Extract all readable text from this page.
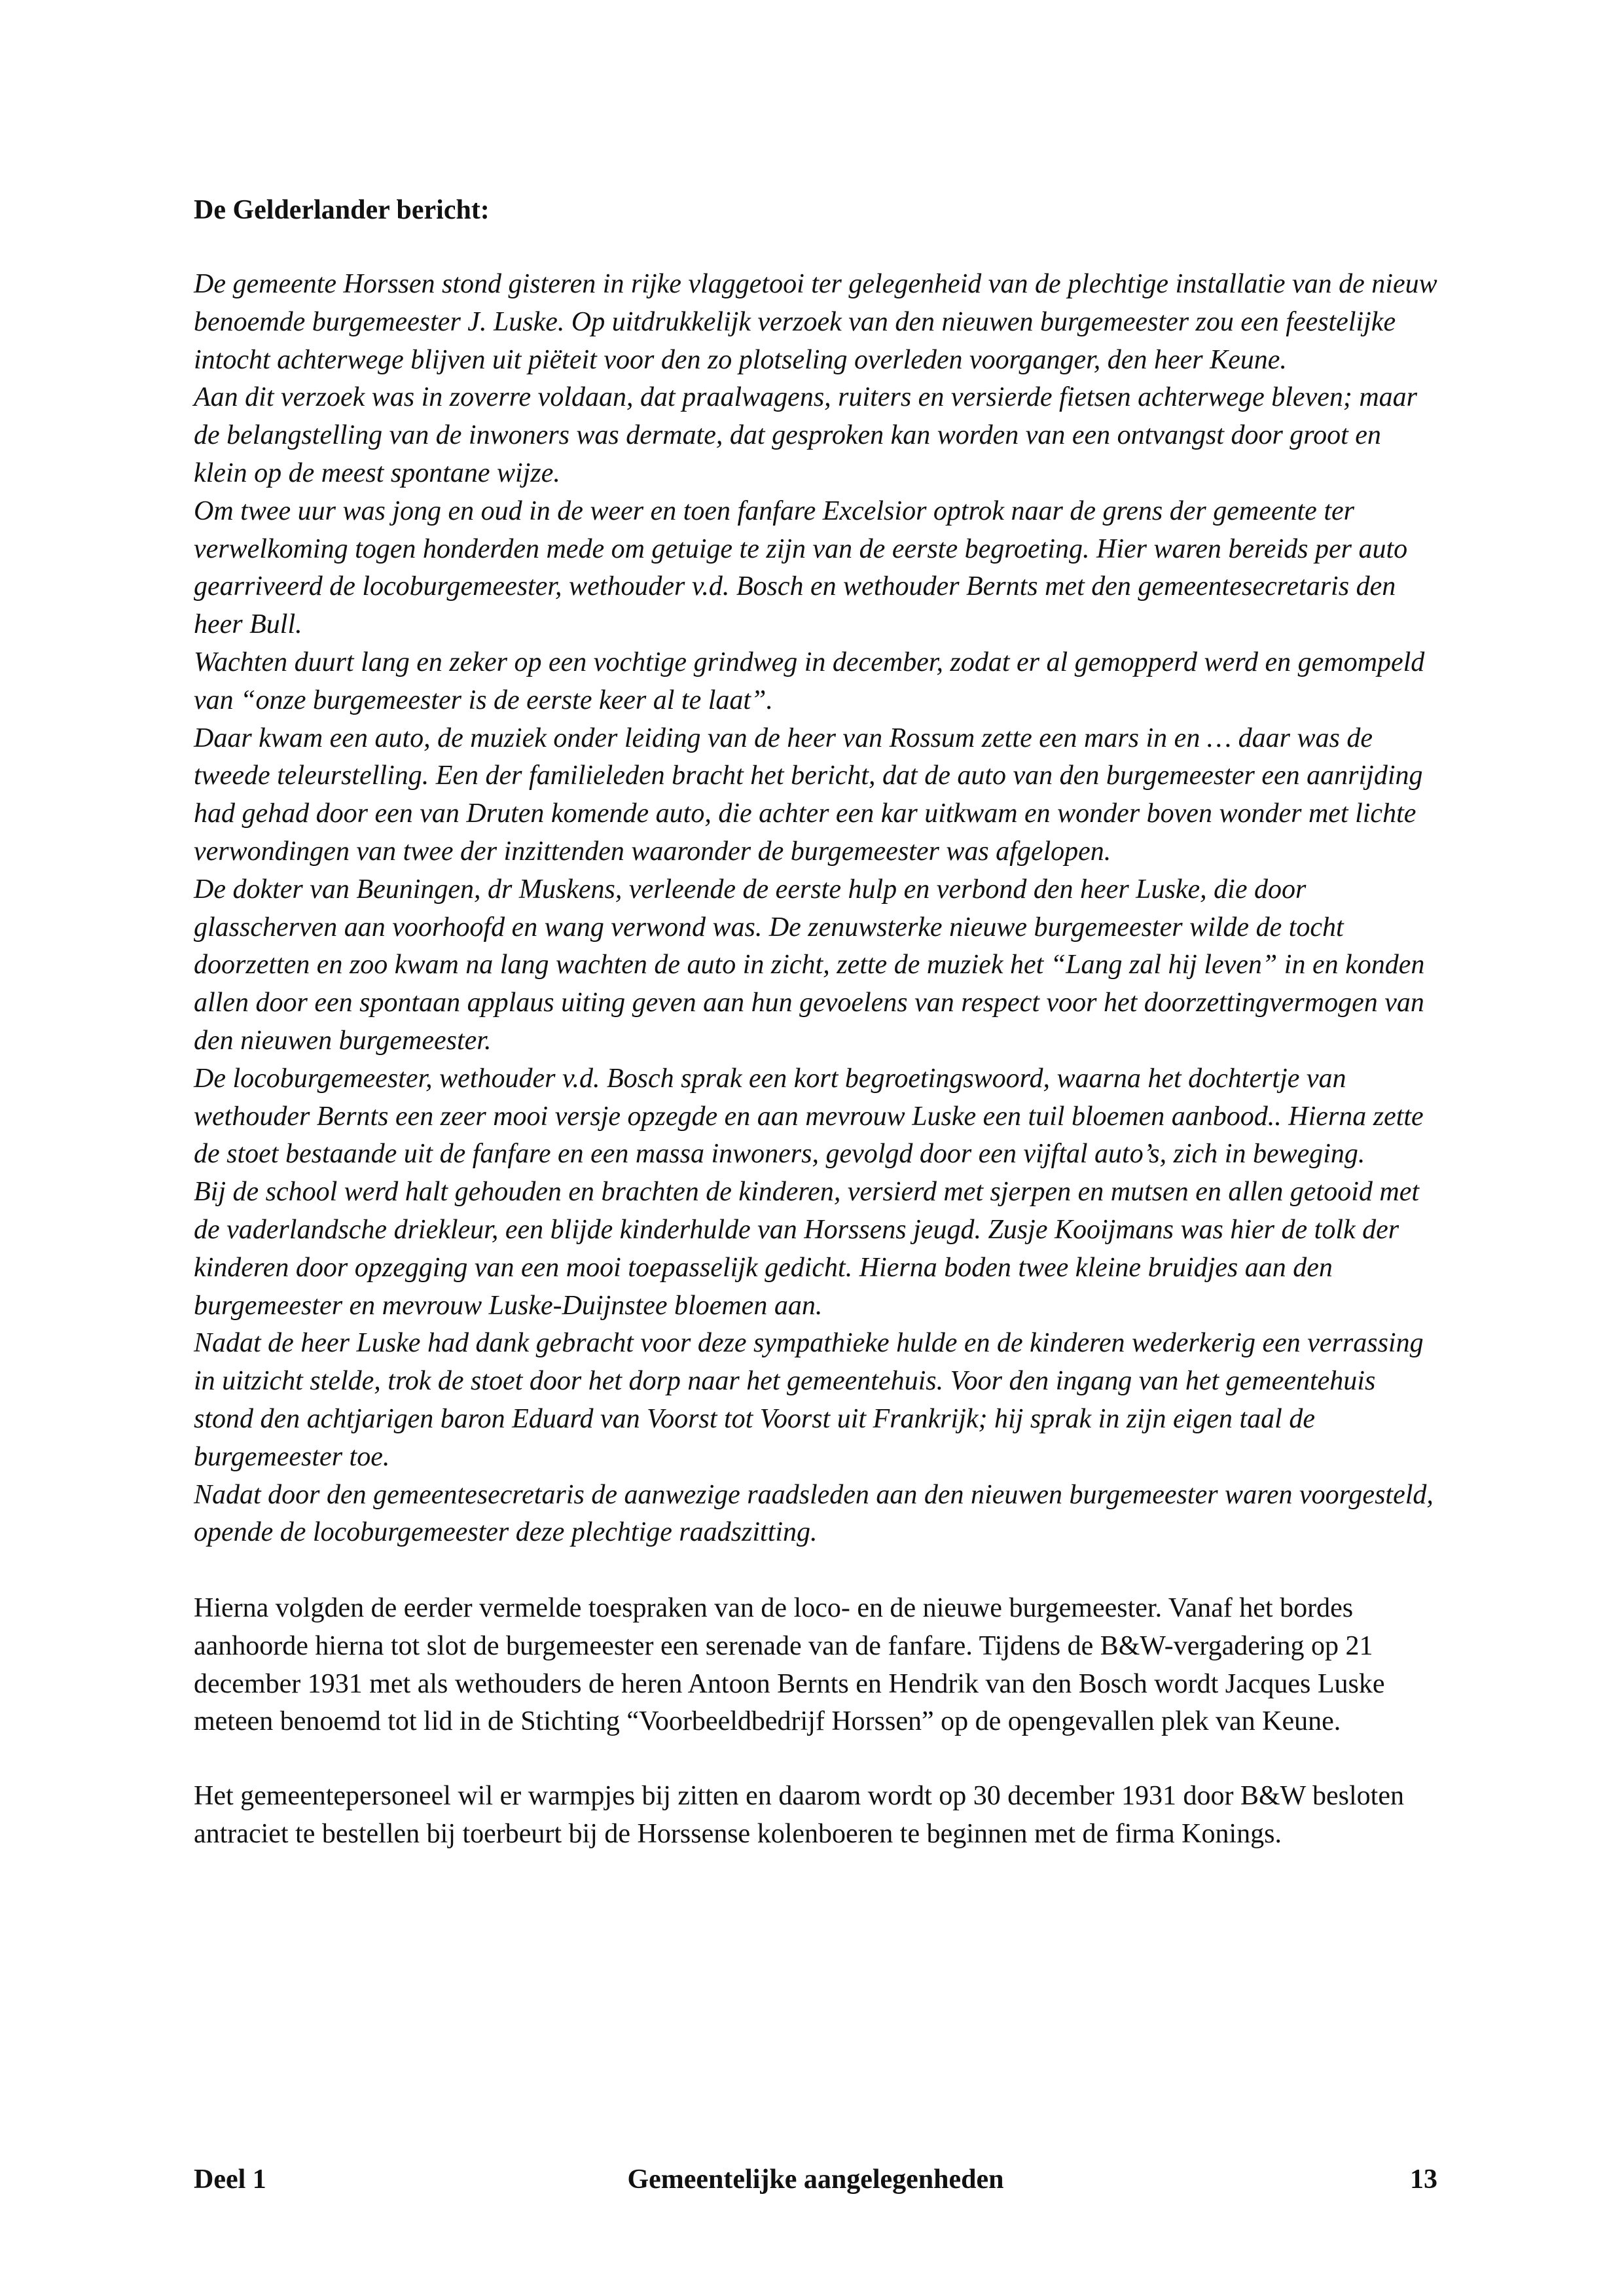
De Gelderlander bericht:

De gemeente Horssen stond gisteren in rijke vlaggetooi ter gelegenheid van de plechtige installatie van de nieuw benoemde burgemeester J. Luske. Op uitdrukkelijk verzoek van den nieuwen burgemeester zou een feestelijke intocht achterwege blijven uit piëteit voor den zo plotseling overleden voorganger, den heer Keune.

Aan dit verzoek was in zoverre voldaan, dat praalwagens, ruiters en versierde fietsen achterwege bleven; maar de belangstelling van de inwoners was dermate, dat gesproken kan worden van een ontvangst door groot en klein op de meest spontane wijze.

Om twee uur was jong en oud in de weer en toen fanfare Excelsior optrok naar de grens der gemeente ter verwelkoming togen honderden mede om getuige te zijn van de eerste begroeting. Hier waren bereids per auto gearriveerd de locoburgemeester, wethouder v.d. Bosch en wethouder Bernts met den gemeentesecretaris den heer Bull.

Wachten duurt lang en zeker op een vochtige grindweg in december, zodat er al gemopperd werd en gemompeld van “onze burgemeester is de eerste keer al te laat”.

Daar kwam een auto, de muziek onder leiding van de heer van Rossum zette een mars in en … daar was de tweede teleurstelling. Een der familieleden bracht het bericht, dat de auto van den burgemeester een aanrijding had gehad door een van Druten komende auto, die achter een kar uitkwam en wonder boven wonder met lichte verwondingen van twee der inzittenden waaronder de burgemeester was afgelopen.

De dokter van Beuningen, dr Muskens, verleende de eerste hulp en verbond den heer Luske, die door glasscherven aan voorhoofd en wang verwond was. De zenuwsterke nieuwe burgemeester wilde de tocht doorzetten en zoo kwam na lang wachten de auto in zicht, zette de muziek het “Lang zal hij leven” in en konden allen door een spontaan applaus uiting geven aan hun gevoelens van respect voor het doorzettingvermogen van den nieuwen burgemeester.

De locoburgemeester, wethouder v.d. Bosch sprak een kort begroetingswoord, waarna het dochtertje van wethouder Bernts een zeer mooi versje opzegde en aan mevrouw Luske een tuil bloemen aanbood.. Hierna zette de stoet bestaande uit de fanfare en een massa inwoners, gevolgd door een vijftal auto’s, zich in beweging.

Bij de school werd halt gehouden en brachten de kinderen, versierd met sjerpen en mutsen en allen getooid met de vaderlandsche driekleur, een blijde kinderhulde van Horssens jeugd. Zusje Kooijmans was hier de tolk der kinderen door opzegging van een mooi toepasselijk gedicht. Hierna boden twee kleine bruidjes aan den burgemeester en mevrouw Luske-Duijnstee bloemen aan.

Nadat de heer Luske had dank gebracht voor deze sympathieke hulde en de kinderen wederkerig een verrassing in uitzicht stelde, trok de stoet door het dorp naar het gemeentehuis. Voor den ingang van het gemeentehuis stond den achtjarigen baron Eduard van Voorst tot Voorst uit Frankrijk; hij sprak in zijn eigen taal de burgemeester toe.

Nadat door den gemeentesecretaris de aanwezige raadsleden aan den nieuwen burgemeester waren voorgesteld, opende de locoburgemeester deze plechtige raadszitting.

Hierna volgden de eerder vermelde toespraken van de loco- en de nieuwe burgemeester. Vanaf het bordes aanhoorde hierna tot slot de burgemeester een serenade van de fanfare. Tijdens de B&W-vergadering op 21 december 1931 met als wethouders de heren Antoon Bernts en Hendrik van den Bosch wordt Jacques Luske meteen benoemd tot lid in de Stichting “Voorbeeldbedrijf Horssen” op de opengevallen plek van Keune.

Het gemeentepersoneel wil er warmpjes bij zitten en daarom wordt op 30 december 1931 door B&W besloten antraciet te bestellen bij toerbeurt bij de Horssense kolenboeren te beginnen met de firma Konings.

Deel 1	Gemeentelijke aangelegenheden	13
